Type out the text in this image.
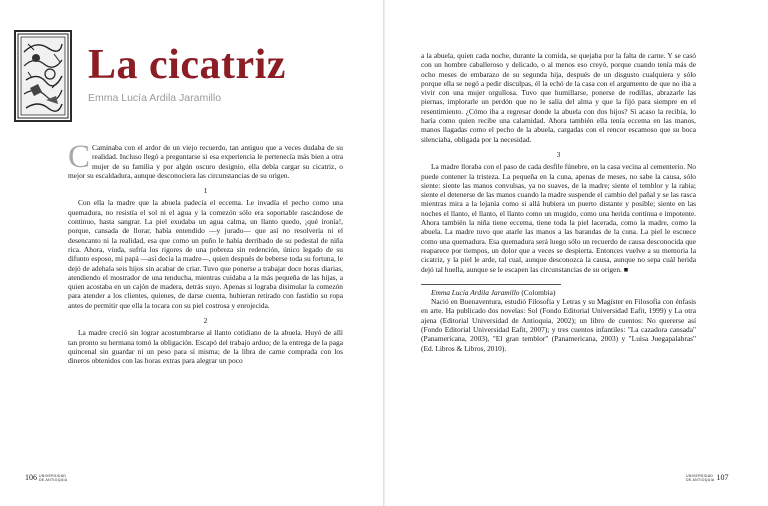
La cicatriz
Emma Lucía Ardila Jaramillo

C Caminaba con el ardor de un viejo recuerdo, tan antiguo que a veces dudaba de su realidad. Incluso llegó a preguntarse si esa experiencia le pertenecía más bien a otra mujer de su familia y por algún oscuro designio, ella debía cargar su cicatriz, o mejor su escaldadura, aunque desconociera las circunstancias de su origen.

1

Con ella la madre que la abuela padecía el eccema. Le invadía el pecho como una quemadura, no resistía el sol ni el agua y la comezón sólo era soportable rascándose de continuo, hasta sangrar. La piel exudaba un agua calma, un llanto quedo, ¡qué ironía!, porque, cansada de llorar, había entendido —y jurado— que así no resolvería ni el desencanto ni la realidad, esa que como un puño le había derribado de su pedestal de niña rica. Ahora, viuda, sufría los rigores de una pobreza sin redención, único legado de su difunto esposo, mi papá —así decía la madre—, quien después de beberse toda su fortuna, le dejó de adehala seis hijos sin acabar de criar. Tuvo que ponerse a trabajar doce horas diarias, atendiendo el mostrador de una tenducha, mientras cuidaba a la más pequeña de las hijas, a quien acostaba en un cajón de madera, detrás suyo. Apenas si lograba disimular la comezón para atender a los clientes, quienes, de darse cuenta, hubieran retirado con fastidio su ropa antes de permitir que ella la tocara con su piel costrosa y enrojecida.

2

La madre creció sin lograr acostumbrarse al llanto cotidiano de la abuela. Huyó de allí tan pronto su hermana tomó la obligación. Escapó del trabajo arduo; de la entrega de la paga quincenal sin guardar ni un peso para sí misma; de la libra de carne comprada con los dineros obtenidos con las horas extras para alegrar un poco

106 UNIVERSIDAD
DE ANTIOQUIA

a la abuela, quien cada noche, durante la comida, se quejaba por la falta de carne. Y se casó con un hombre caballeroso y delicado, o al menos eso creyó, porque cuando tenía más de ocho meses de embarazo de su segunda hija, después de un disgusto cualquiera y sólo porque ella se negó a pedir disculpas, él la echó de la casa con el argumento de que no iba a vivir con una mujer orgullosa. Tuvo que humillarse, ponerse de rodillas, abrazarle las piernas, implorarle un perdón que no le salía del alma y que la fijó para siempre en el resentimiento. ¿Cómo iba a regresar donde la abuela con dos hijos? Si acaso la recibía, lo haría como quien recibe una calamidad. Ahora también ella tenía eccema en las manos, manos llagadas como el pecho de la abuela, cargadas con el rencor escamoso que su boca silenciaba, obligada por la necesidad.

3

La madre lloraba con el paso de cada desfile fúnebre, en la casa vecina al cementerio. No puede contener la tristeza. La pequeña en la cuna, apenas de meses, no sabe la causa, sólo siente: siente las manos convulsas, ya no suaves, de la madre; siente el temblor y la rabia; siente el detenerse de las manos cuando la madre suspende el cambio del pañal y se las rasca mientras mira a la lejanía como si allá hubiera un puerto distante y posible; siente en las noches el llanto, el llanto, el llanto como un mugido, como una herida continua e impotente. Ahora también la niña tiene eccema, tiene toda la piel lacerada, como la madre, como la abuela. La madre tuvo que atarle las manos a las barandas de la cuna. La piel le escuece como una quemadura. Esa quemadura será luego sólo un recuerdo de causa desconocida que reaparece por tiempos, un dolor que a veces se despierta. Entonces vuelve a su memoria la cicatriz, y la piel le arde, tal cual, aunque desconozca la causa, aunque no sepa cuál herida dejó tal huella, aunque se le escapen las circunstancias de su origen. ■

Emma Lucía Ardila Jaramillo (Colombia)

Nació en Buenaventura, estudió Filosofía y Letras y su Magíster en Filosofía con énfasis en arte. Ha publicado dos novelas: Sol (Fondo Editorial Universidad Eafit, 1999) y La otra ajena (Editorial Universidad de Antioquia, 2002); un libro de cuentos: No quererse así (Fondo Editorial Universidad Eafit, 2007); y tres cuentos infantiles: "La cazadora cansada" (Panamericana, 2003), "El gran temblor" (Panamericana, 2003) y "Luisa Juegapalabras" (Ed. Libros & Libros, 2010).

UNIVERSIDAD
DE ANTIOQUIA 107
